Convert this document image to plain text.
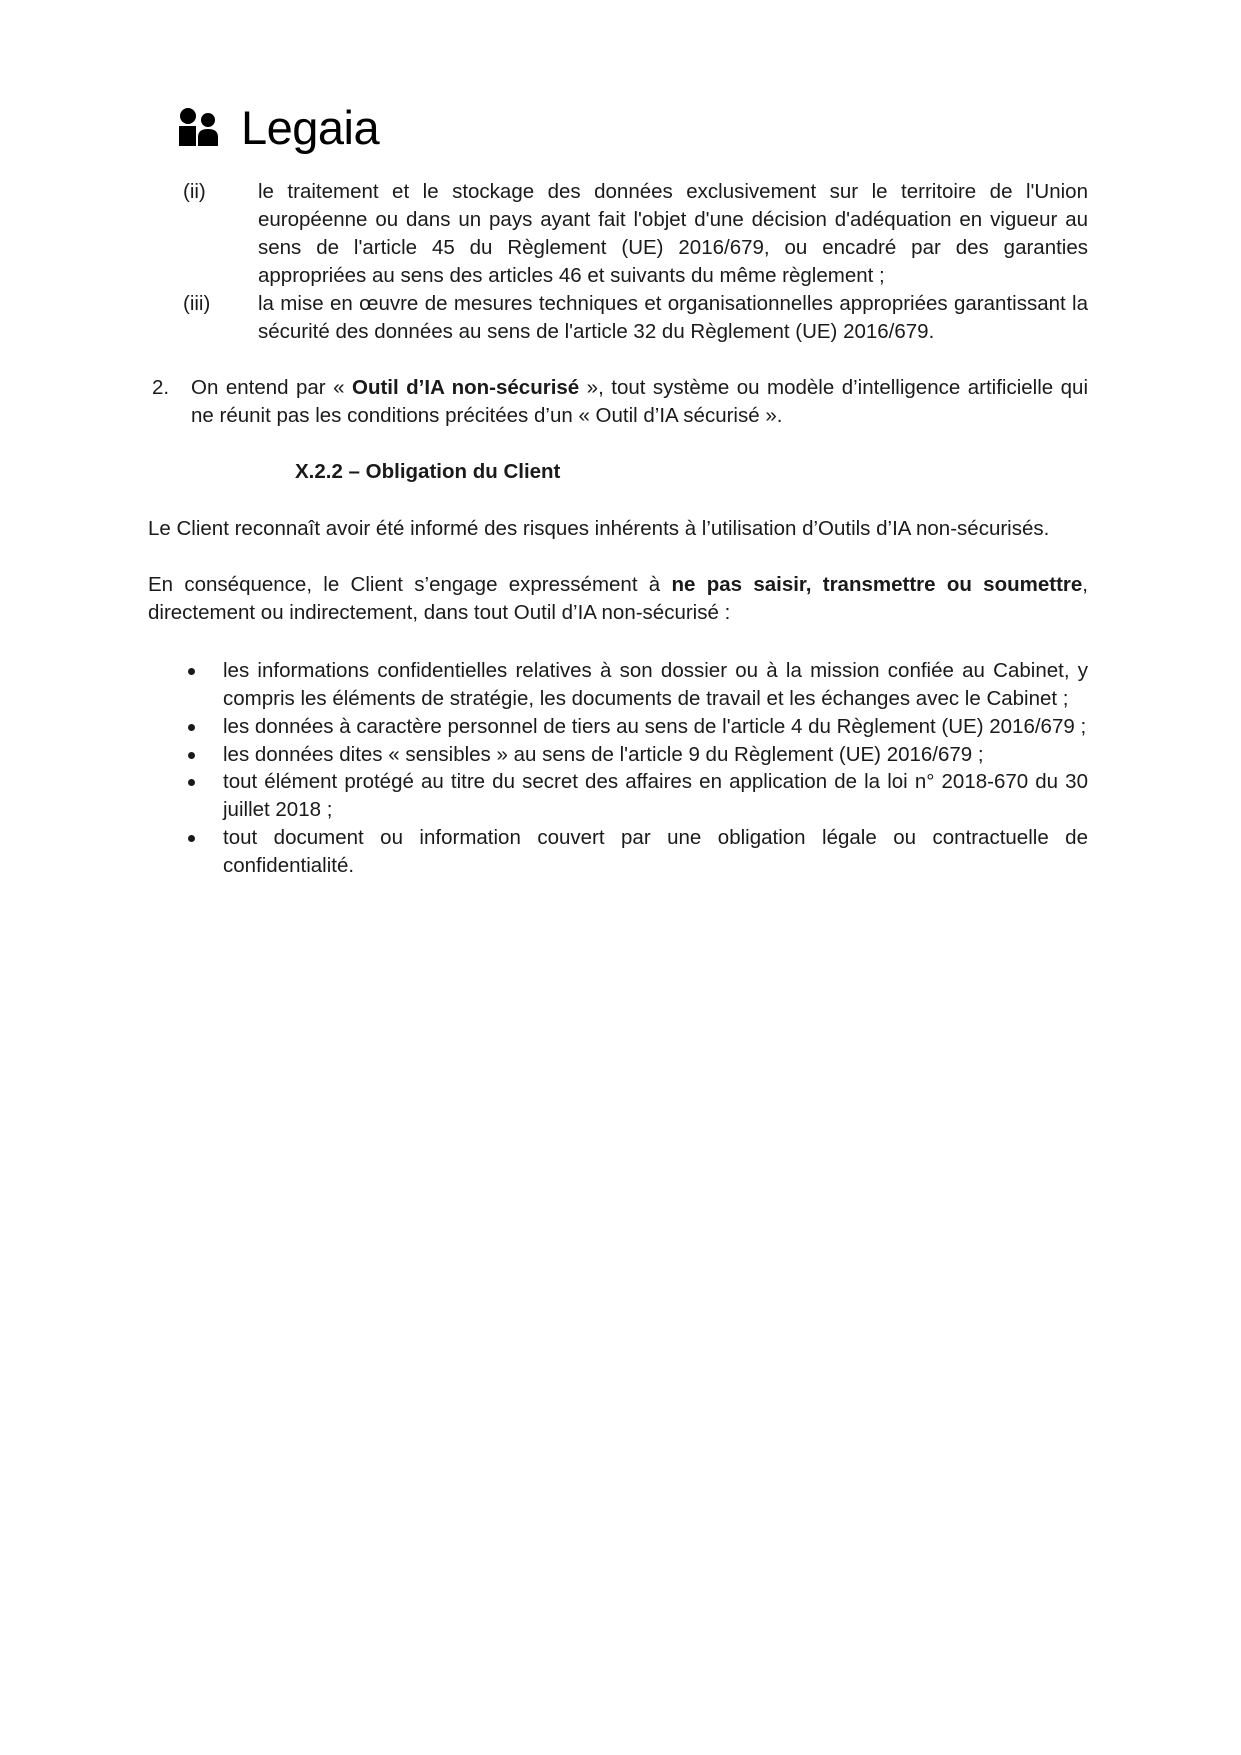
Legaia
(ii)	le traitement et le stockage des données exclusivement sur le territoire de l'Union européenne ou dans un pays ayant fait l'objet d'une décision d'adéquation en vigueur au sens de l'article 45 du Règlement (UE) 2016/679, ou encadré par des garanties appropriées au sens des articles 46 et suivants du même règlement ;
(iii) la mise en œuvre de mesures techniques et organisationnelles appropriées garantissant la sécurité des données au sens de l'article 32 du Règlement (UE) 2016/679.
2. On entend par « Outil d’IA non-sécurisé », tout système ou modèle d’intelligence artificielle qui ne réunit pas les conditions précitées d’un « Outil d’IA sécurisé ».
X.2.2 – Obligation du Client
Le Client reconnaît avoir été informé des risques inhérents à l’utilisation d’Outils d’IA non-sécurisés.
En conséquence, le Client s’engage expressément à ne pas saisir, transmettre ou soumettre, directement ou indirectement, dans tout Outil d’IA non-sécurisé :
les informations confidentielles relatives à son dossier ou à la mission confiée au Cabinet, y compris les éléments de stratégie, les documents de travail et les échanges avec le Cabinet ;
les données à caractère personnel de tiers au sens de l'article 4 du Règlement (UE) 2016/679 ;
les données dites « sensibles » au sens de l'article 9 du Règlement (UE) 2016/679 ;
tout élément protégé au titre du secret des affaires en application de la loi n° 2018-670 du 30 juillet 2018 ;
tout document ou information couvert par une obligation légale ou contractuelle de confidentialité.
